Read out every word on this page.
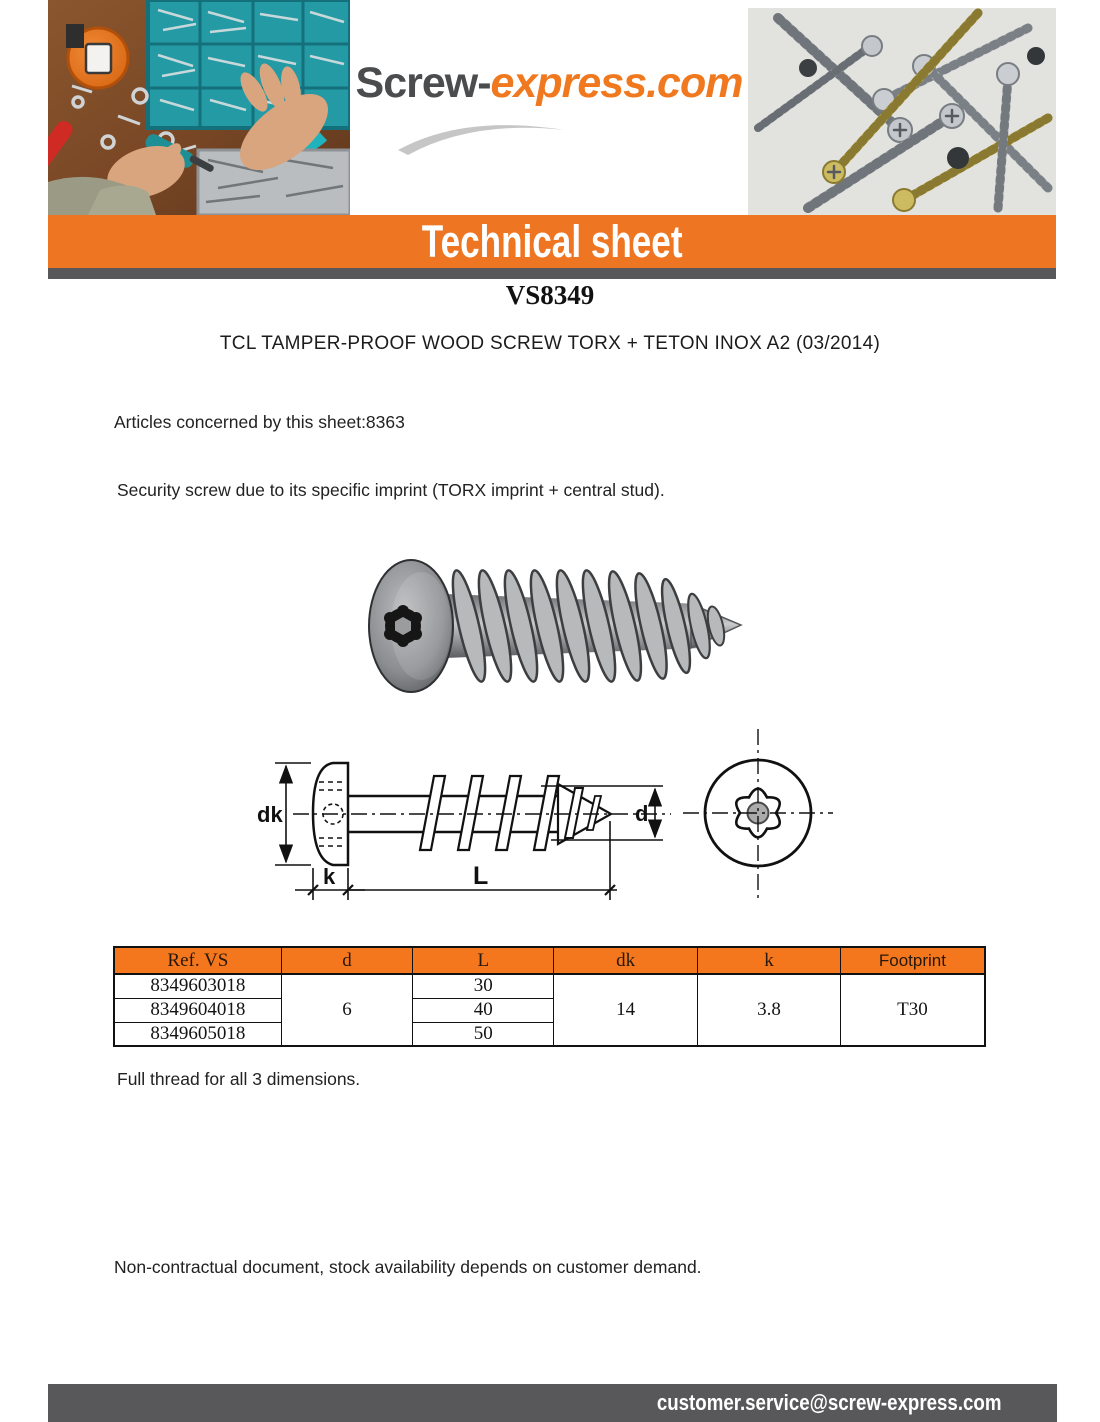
Screw-express.com
Technical sheet
VS8349
TCL TAMPER-PROOF WOOD SCREW TORX + TETON INOX A2 (03/2014)
Articles concerned by this sheet:8363
Security screw due to its specific imprint (TORX imprint + central stud).
dk
k	L
d
Ref. VS	d	L	dk	k	Footprint
8349603018	6	30	14	3.8	T30
8349604018		40			
8349605018		50			
Full thread for all 3 dimensions.
Non-contractual document, stock availability depends on customer demand.
customer.service@screw-express.com
